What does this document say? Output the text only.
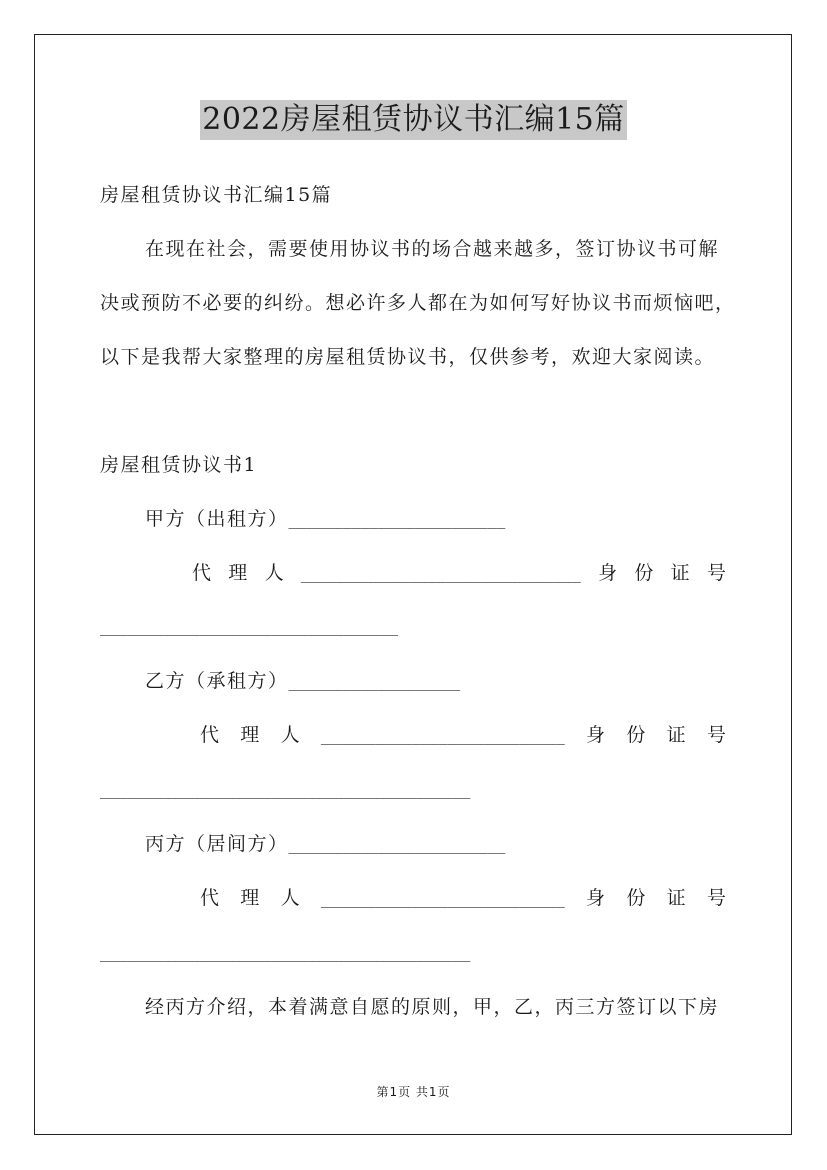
2022房屋租赁协议书汇编15篇
房屋租赁协议书汇编15篇
在现在社会，需要使用协议书的场合越来越多，签订协议书可解
决或预防不必要的纠纷。想必许多人都在为如何写好协议书而烦恼吧，
以下是我帮大家整理的房屋租赁协议书，仅供参考，欢迎大家阅读。
房屋租赁协议书1
甲方（出租方）________________________
代 理 人 _______________________________ 身 份 证 号
_________________________________
乙方（承租方）___________________
代 理 人 ___________________________ 身 份 证 号
_________________________________________
丙方（居间方）________________________
代 理 人 ___________________________ 身 份 证 号
_________________________________________
经丙方介绍，本着满意自愿的原则，甲，乙，丙三方签订以下房
第1页 共1页
